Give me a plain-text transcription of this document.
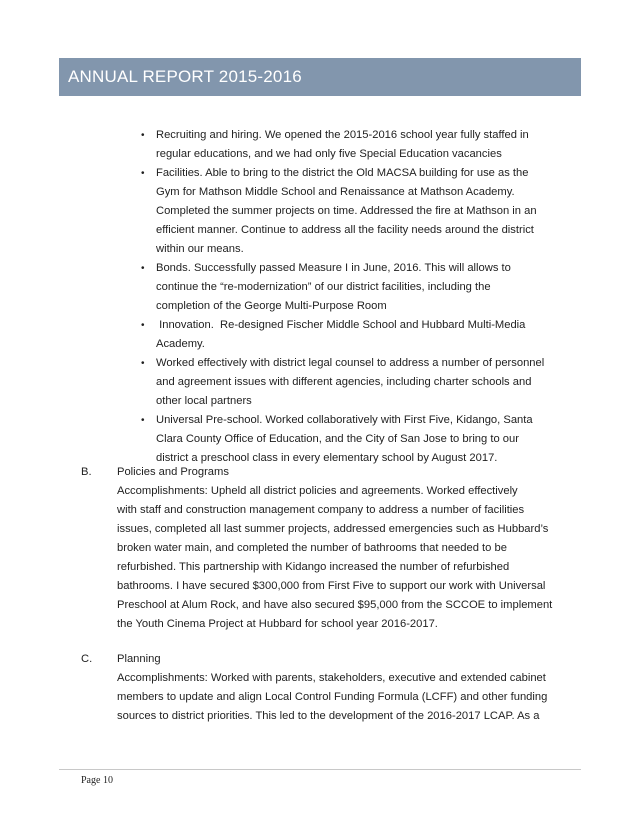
ANNUAL REPORT 2015-2016
• Recruiting and hiring. We opened the 2015-2016 school year fully staffed in
regular educations, and we had only five Special Education vacancies
• Facilities. Able to bring to the district the Old MACSA building for use as the
Gym for Mathson Middle School and Renaissance at Mathson Academy.
Completed the summer projects on time. Addressed the fire at Mathson in an
efficient manner. Continue to address all the facility needs around the district
within our means.
• Bonds. Successfully passed Measure I in June, 2016. This will allows to
continue the “re-modernization” of our district facilities, including the
completion of the George Multi-Purpose Room
• Innovation.  Re-designed Fischer Middle School and Hubbard Multi-Media
Academy.
• Worked effectively with district legal counsel to address a number of personnel
and agreement issues with different agencies, including charter schools and
other local partners
• Universal Pre-school. Worked collaboratively with First Five, Kidango, Santa
Clara County Office of Education, and the City of San Jose to bring to our
district a preschool class in every elementary school by August 2017.
B. Policies and Programs
Accomplishments: Upheld all district policies and agreements. Worked effectively
with staff and construction management company to address a number of facilities
issues, completed all last summer projects, addressed emergencies such as Hubbard’s
broken water main, and completed the number of bathrooms that needed to be
refurbished. This partnership with Kidango increased the number of refurbished
bathrooms. I have secured $300,000 from First Five to support our work with Universal
Preschool at Alum Rock, and have also secured $95,000 from the SCCOE to implement
the Youth Cinema Project at Hubbard for school year 2016-2017.
C. Planning
Accomplishments: Worked with parents, stakeholders, executive and extended cabinet
members to update and align Local Control Funding Formula (LCFF) and other funding
sources to district priorities. This led to the development of the 2016-2017 LCAP. As a
Page 10
